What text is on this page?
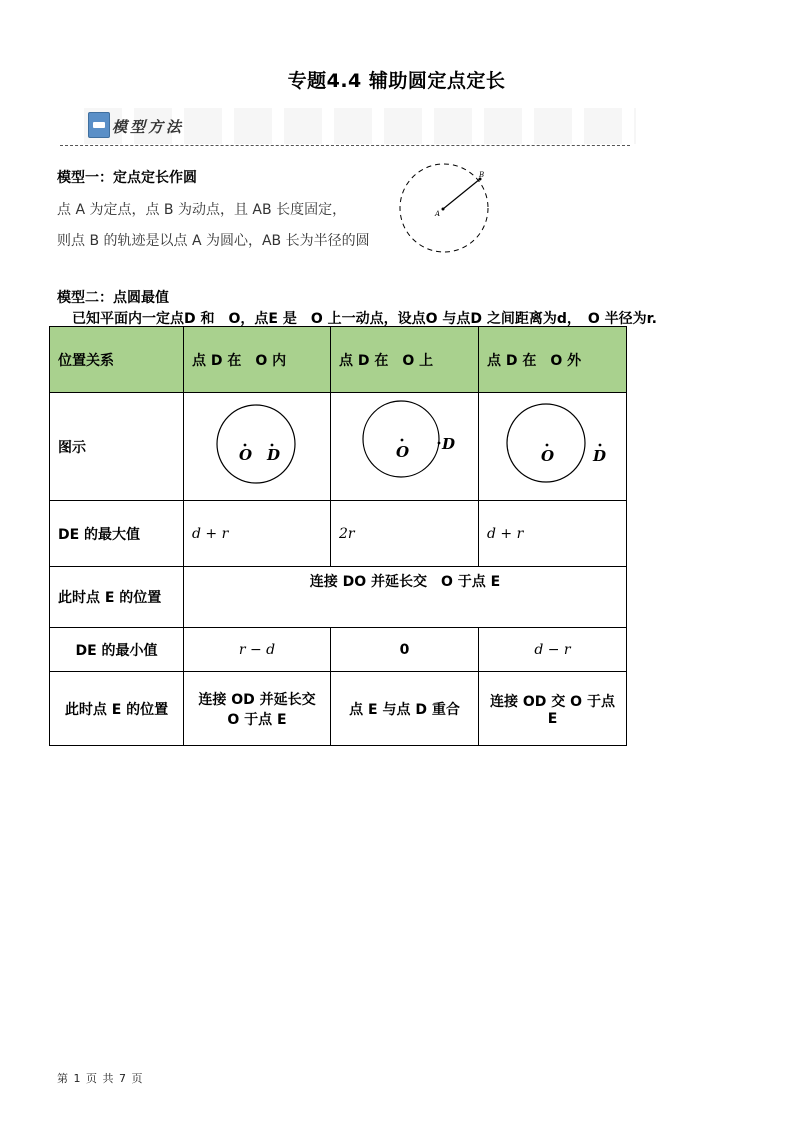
专题4.4 辅助圆定点定长
模型方法
模型一：定点定长作圆
点 A 为定点，点 B 为动点，且 AB 长度固定，
则点 B 的轨迹是以点 A 为圆心，AB 长为半径的圆
A
B
模型二：点圆最值
已知平面内一定点D 和　O，点E 是　O 上一动点，设点O 与点D 之间距离为d，　O 半径为r.
位置关系	点 D 在　O 内	点 D 在　O 上	点 D 在　O 外
图示	O D	O D	O D

DE 的最大值	d + r	2r	d + r
此时点 E 的位置	连接 DO 并延长交　O 于点 E		
DE 的最小值	r − d	0	d − r
此时点 E 的位置	连接 OD 并延长交
O 于点 E	点 E 与点 D 重合	连接 OD 交 O 于点 E
第 1 页 共 7 页
